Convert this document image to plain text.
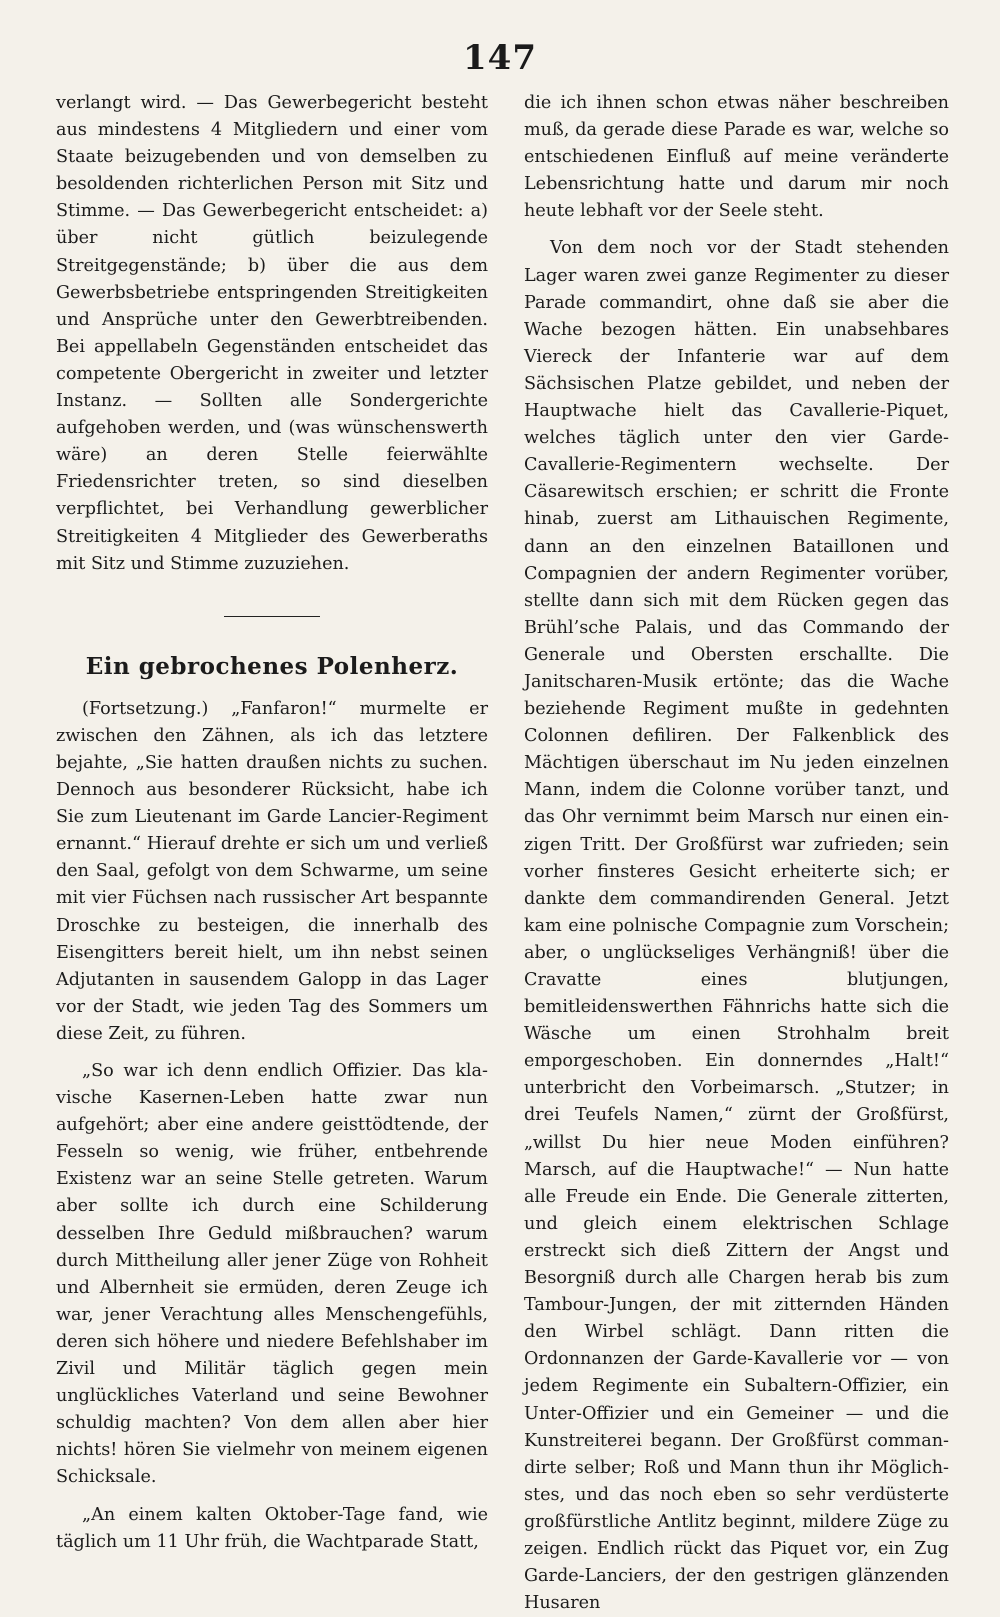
147

verlangt wird. — Das Gewerbegericht besteht aus mindestens 4 Mitgliedern und einer vom Staate beizugebenden und von demselben zu besoldenden richterlichen Person mit Sitz und Stimme. — Das Gewerbegericht entscheidet: a) über nicht gütlich beizulegende Streitgegenstände; b) über die aus dem Gewerbsbetriebe entspringenden Streitigkeiten und Ansprüche unter den Gewerbtreibenden. Bei appellabeln Gegenständen entscheidet das competente Obergericht in zweiter und letzter Instanz. — Sollten alle Sondergerichte aufgehoben werden, und (was wünschenswerth wäre) an deren Stelle feierwählte Friedensrichter treten, so sind dieselben verpflichtet, bei Verhandlung gewerblicher Streitigkeiten 4 Mitglieder des Gewerberaths mit Sitz und Stimme zuzuziehen.

Ein gebrochenes Polenherz.

(Fortsetzung.) „Fanfaron!“ murmelte er zwischen den Zähnen, als ich das letztere bejahte, „Sie hatten draußen nichts zu suchen. Dennoch aus besonderer Rücksicht, habe ich Sie zum Lieutenant im Garde Lancier-Regiment ernannt.“ Hierauf drehte er sich um und verließ den Saal, gefolgt von dem Schwarme, um seine mit vier Füchsen nach russischer Art bespannte Droschke zu besteigen, die innerhalb des Eisengitters bereit hielt, um ihn nebst seinen Adjutanten in sausendem Galopp in das Lager vor der Stadt, wie jeden Tag des Sommers um diese Zeit, zu führen.

„So war ich denn endlich Offizier. Das klavische Kasernen-Leben hatte zwar nun aufgehört; aber eine andere geisttödtende, der Fesseln so wenig, wie früher, entbehrende Existenz war an seine Stelle getreten. Warum aber sollte ich durch eine Schilderung desselben Ihre Geduld mißbrauchen? warum durch Mittheilung aller jener Züge von Rohheit und Albernheit sie ermüden, deren Zeuge ich war, jener Verachtung alles Menschengefühls, deren sich höhere und niedere Befehlshaber im Zivil und Militär täglich gegen mein unglückliches Vaterland und seine Bewohner schuldig machten? Von dem allen aber hier nichts! hören Sie vielmehr von meinem eigenen Schicksale.

„An einem kalten Oktober-Tage fand, wie täglich um 11 Uhr früh, die Wachtparade Statt,

die ich ihnen schon etwas näher beschreiben muß, da gerade diese Parade es war, welche so entschiedenen Einfluß auf meine veränderte Lebensrichtung hatte und darum mir noch heute lebhaft vor der Seele steht.

Von dem noch vor der Stadt stehenden Lager waren zwei ganze Regimenter zu dieser Parade commandirt, ohne daß sie aber die Wache bezogen hätten. Ein unabsehbares Viereck der Infanterie war auf dem Sächsischen Platze gebildet, und neben der Hauptwache hielt das Cavallerie-Piquet, welches täglich unter den vier Garde-Cavallerie-Regimentern wechselte. Der Cäsarewitsch erschien; er schritt die Fronte hinab, zuerst am Lithauischen Regimente, dann an den einzelnen Bataillonen und Compagnien der andern Regimenter vorüber, stellte dann sich mit dem Rücken gegen das Brühl’sche Palais, und das Commando der Generale und Obersten erschallte. Die Janitscharen-Musik ertönte; das die Wache beziehende Regiment mußte in gedehnten Colonnen defiliren. Der Falkenblick des Mächtigen überschaut im Nu jeden einzelnen Mann, indem die Colonne vorüber tanzt, und das Ohr vernimmt beim Marsch nur einen einzigen Tritt. Der Großfürst war zufrieden; sein vorher finsteres Gesicht erheiterte sich; er dankte dem commandirenden General. Jetzt kam eine polnische Compagnie zum Vorschein; aber, o unglückseliges Verhängniß! über die Cravatte eines blutjungen, bemitleidenswerthen Fähnrichs hatte sich die Wäsche um einen Strohhalm breit emporgeschoben. Ein donnerndes „Halt!“ unterbricht den Vorbeimarsch. „Stutzer; in drei Teufels Namen,“ zürnt der Großfürst, „willst Du hier neue Moden einführen? Marsch, auf die Hauptwache!“ — Nun hatte alle Freude ein Ende. Die Generale zitterten, und gleich einem elektrischen Schlage erstreckt sich dieß Zittern der Angst und Besorgniß durch alle Chargen herab bis zum Tambour-Jungen, der mit zitternden Händen den Wirbel schlägt. Dann ritten die Ordonnanzen der Garde-Kavallerie vor — von jedem Regimente ein Subaltern-Offizier, ein Unter-Offizier und ein Gemeiner — und die Kunstreiterei begann. Der Großfürst commandirte selber; Roß und Mann thun ihr Möglichstes, und das noch eben so sehr verdüsterte großfürstliche Antlitz beginnt, mildere Züge zu zeigen. Endlich rückt das Piquet vor, ein Zug Garde-Lanciers, der den gestrigen glänzenden Husaren
